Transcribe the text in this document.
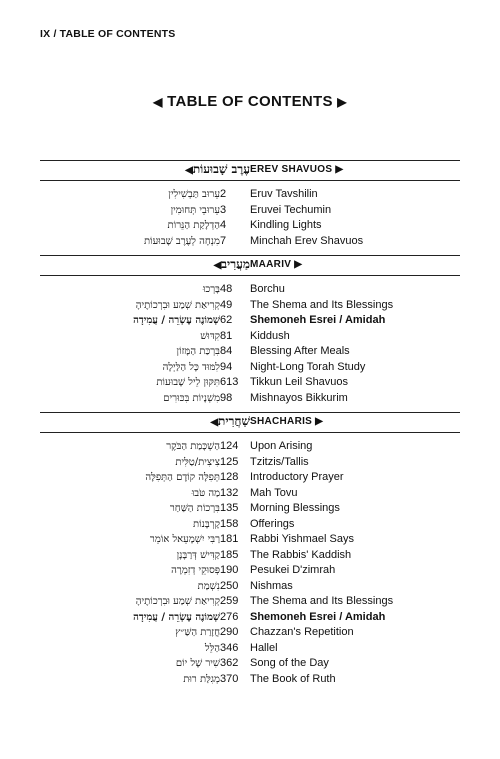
IX / TABLE OF CONTENTS
◀ TABLE OF CONTENTS ▶
עֶרֶב שָׁבוּעוֹת◀	EREV SHAVUOS ▶
עֵרוּב תַּבְשִׁילִין 2	Eruv Tavshilin
עֵרוּבֵי תְּחוּמִין 3	Eruvei Techumin
הַדְלָקַת הַנֵּרוֹת 4	Kindling Lights
מִנְחָה לְעֶרֶב שָׁבוּעוֹת 7	Minchah Erev Shavuos
מַעֲרִיב◀	MAARIV ▶
בָּרְכוּ 48	Borchu
קְרִיאַת שְׁמַע וּבִרְכוֹתֶיהָ 49	The Shema and Its Blessings
שְׁמוֹנֶה עֶשְׂרֵה / עֲמִידָה 62	Shemoneh Esrei / Amidah
קִדּוּשׁ 81	Kiddush
בִּרְכַּת הַמָּזוֹן 84	Blessing After Meals
לִמּוּד כָּל הַלַּיְלָה 94	Night-Long Torah Study
תִּקּוּן לֵיל שָׁבוּעוֹת 613	Tikkun Leil Shavuos
מִשְׁנָיוֹת בִּכּוּרִים 98	Mishnayos Bikkurim
שַׁחֲרִית◀	SHACHARIS ▶
הַשְׁכָּמַת הַבֹּקֶר 124	Upon Arising
צִיצִית/טַלִּית 125	Tzitzis/Tallis
תְּפִלָּה קוֹדֶם הַתְּפִלָּה 128	Introductory Prayer
מַה טֹּבוּ 132	Mah Tovu
בִּרְכוֹת הַשַּׁחַר 135	Morning Blessings
קָרְבָּנוֹת 158	Offerings
רַבִּי יִשְׁמָעֵאל אוֹמֵר 181	Rabbi Yishmael Says
קַדִּישׁ דְּרַבָּנָן 185	The Rabbis' Kaddish
פְּסוּקֵי דְזִמְרָה 190	Pesukei D'zimrah
נִשְׁמַת 250	Nishmas
קְרִיאַת שְׁמַע וּבִרְכוֹתֶיהָ 259	The Shema and Its Blessings
שְׁמוֹנֶה עֶשְׂרֵה / עֲמִידָה 276	Shemoneh Esrei / Amidah
חֲזָרַת הַשַּׁ״ץ 290	Chazzan's Repetition
הַלֵּל 346	Hallel
שִׁיר שֶׁל יוֹם 362	Song of the Day
מְגִלַּת רוּת 370	The Book of Ruth
